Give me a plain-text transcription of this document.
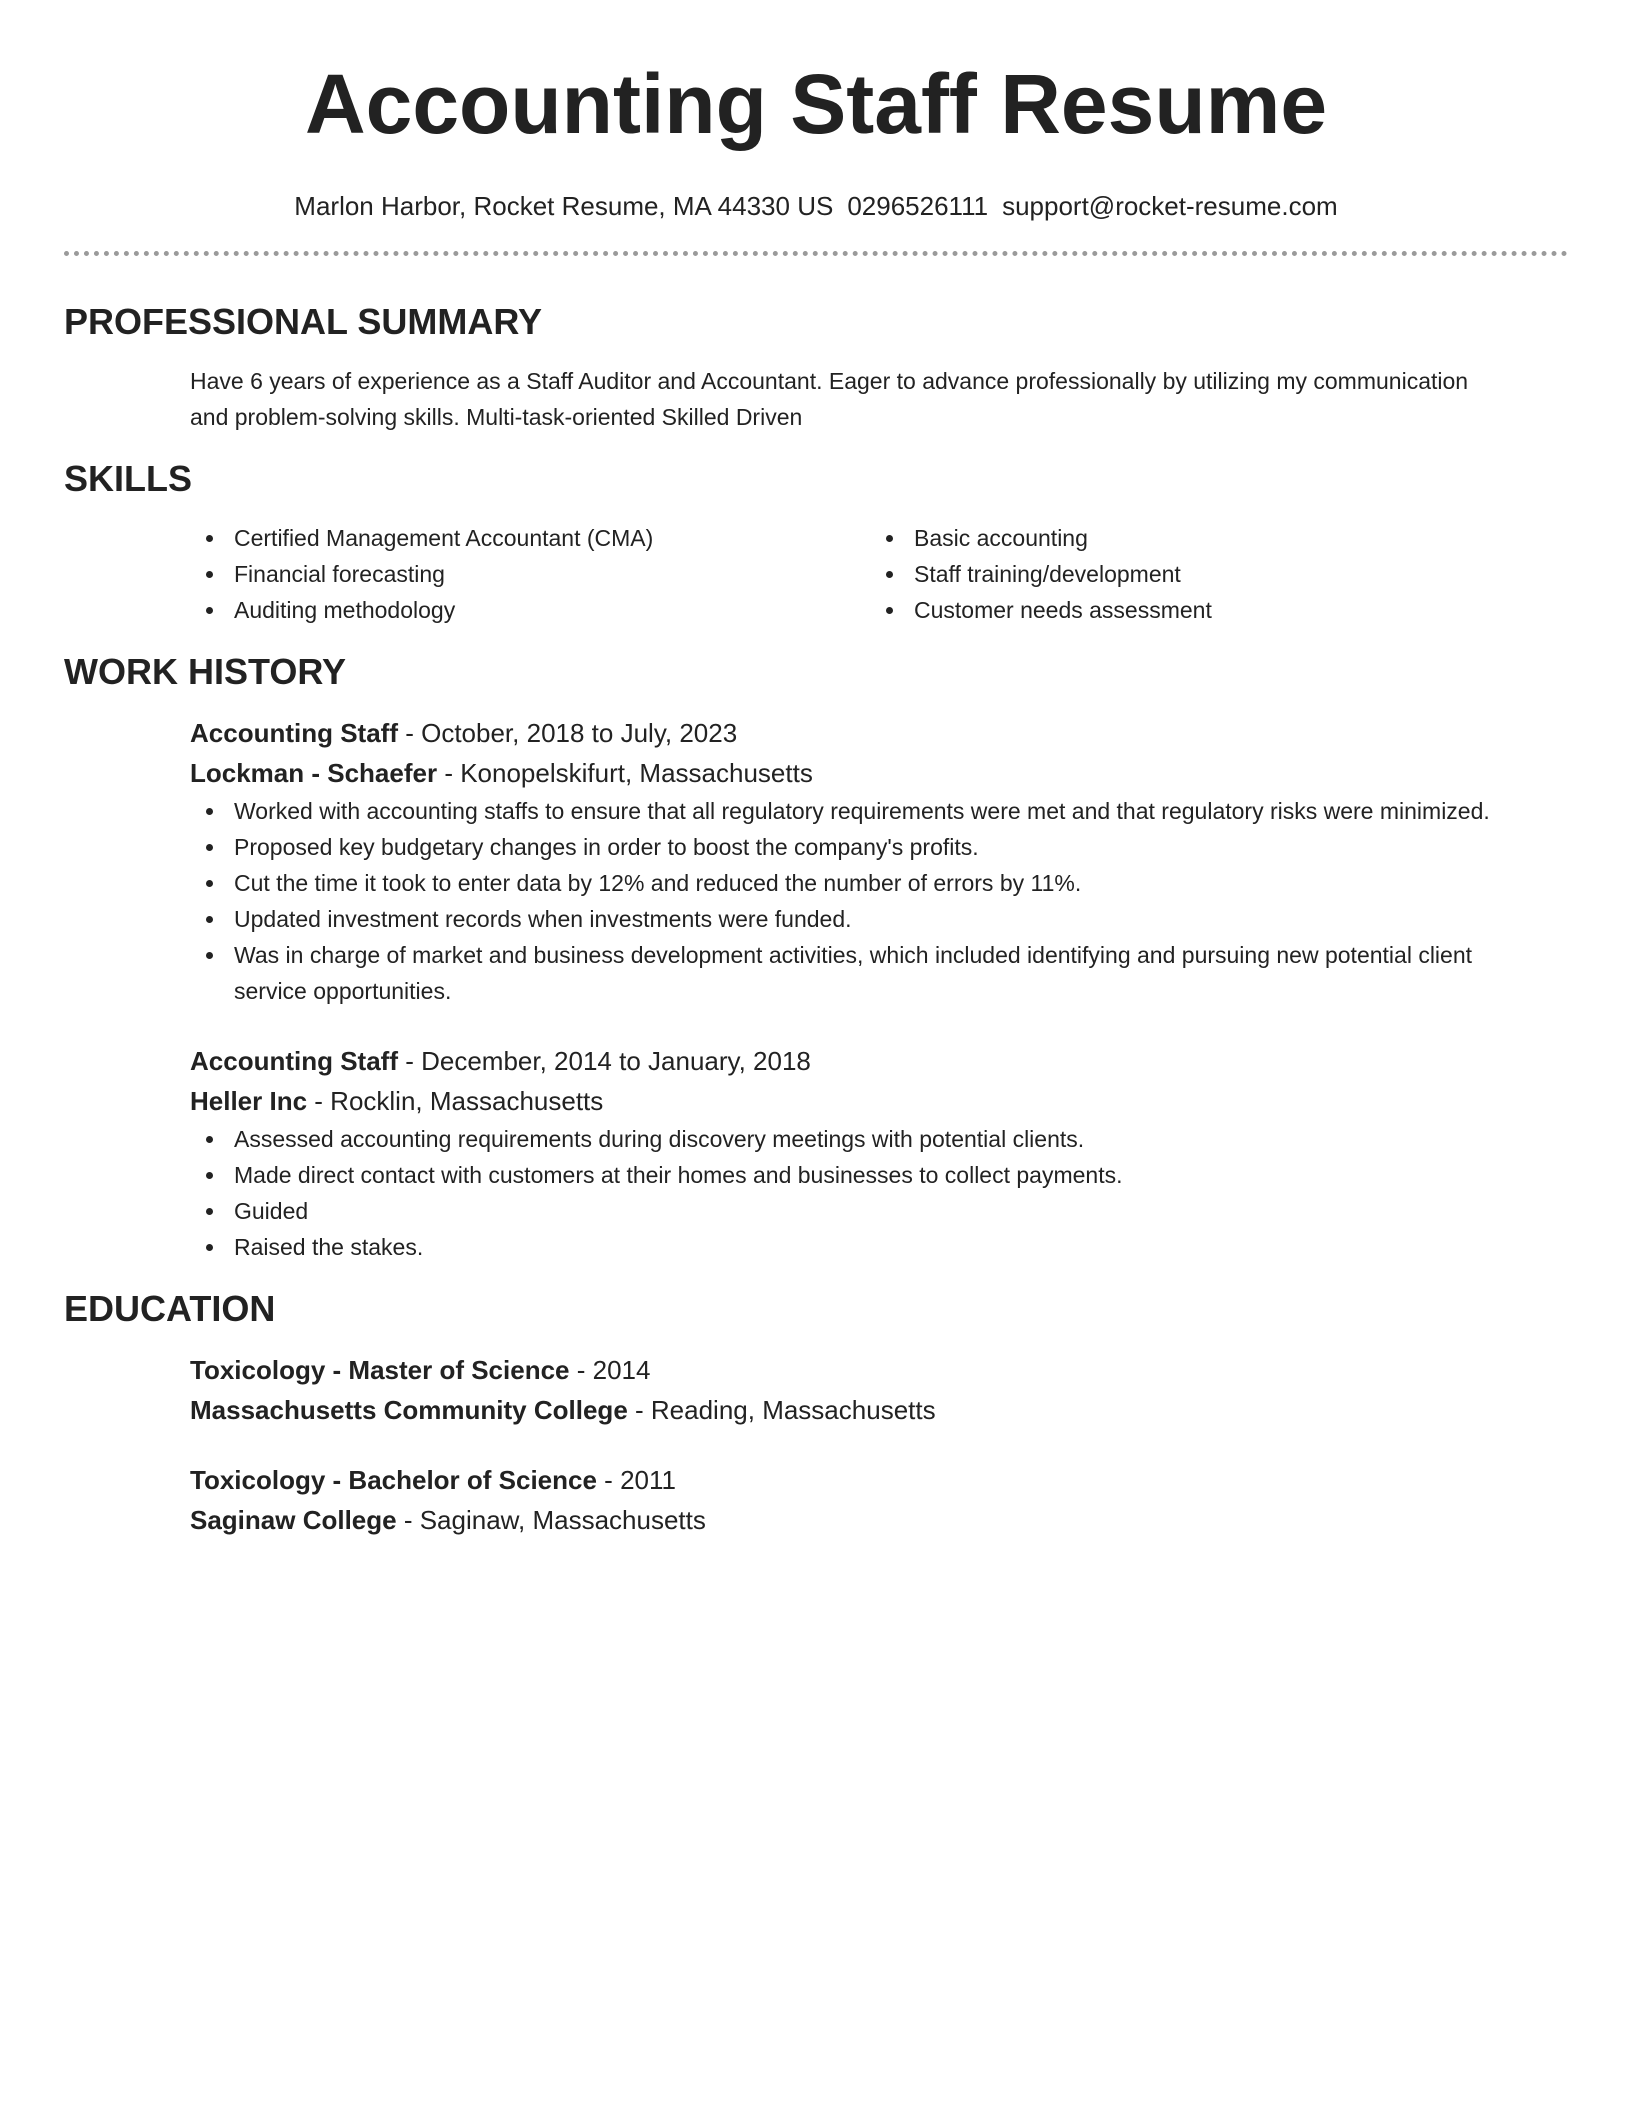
Accounting Staff Resume
Marlon Harbor, Rocket Resume, MA 44330 US 0296526111 support@rocket-resume.com
PROFESSIONAL SUMMARY

Have 6 years of experience as a Staff Auditor and Accountant. Eager to advance professionally by utilizing my communication and problem-solving skills. Multi-task-oriented Skilled Driven

SKILLS
Certified Management Accountant (CMA)
Financial forecasting
Auditing methodology
Basic accounting
Staff training/development
Customer needs assessment
WORK HISTORY
Accounting Staff - October, 2018 to July, 2023
Lockman - Schaefer - Konopelskifurt, Massachusetts
Worked with accounting staffs to ensure that all regulatory requirements were met and that regulatory risks were minimized.
Proposed key budgetary changes in order to boost the company's profits.
Cut the time it took to enter data by 12% and reduced the number of errors by 11%.
Updated investment records when investments were funded.
Was in charge of market and business development activities, which included identifying and pursuing new potential client service opportunities.
Accounting Staff - December, 2014 to January, 2018
Heller Inc - Rocklin, Massachusetts
Assessed accounting requirements during discovery meetings with potential clients.
Made direct contact with customers at their homes and businesses to collect payments.
Guided
Raised the stakes.
EDUCATION
Toxicology - Master of Science - 2014
Massachusetts Community College - Reading, Massachusetts
Toxicology - Bachelor of Science - 2011
Saginaw College - Saginaw, Massachusetts
